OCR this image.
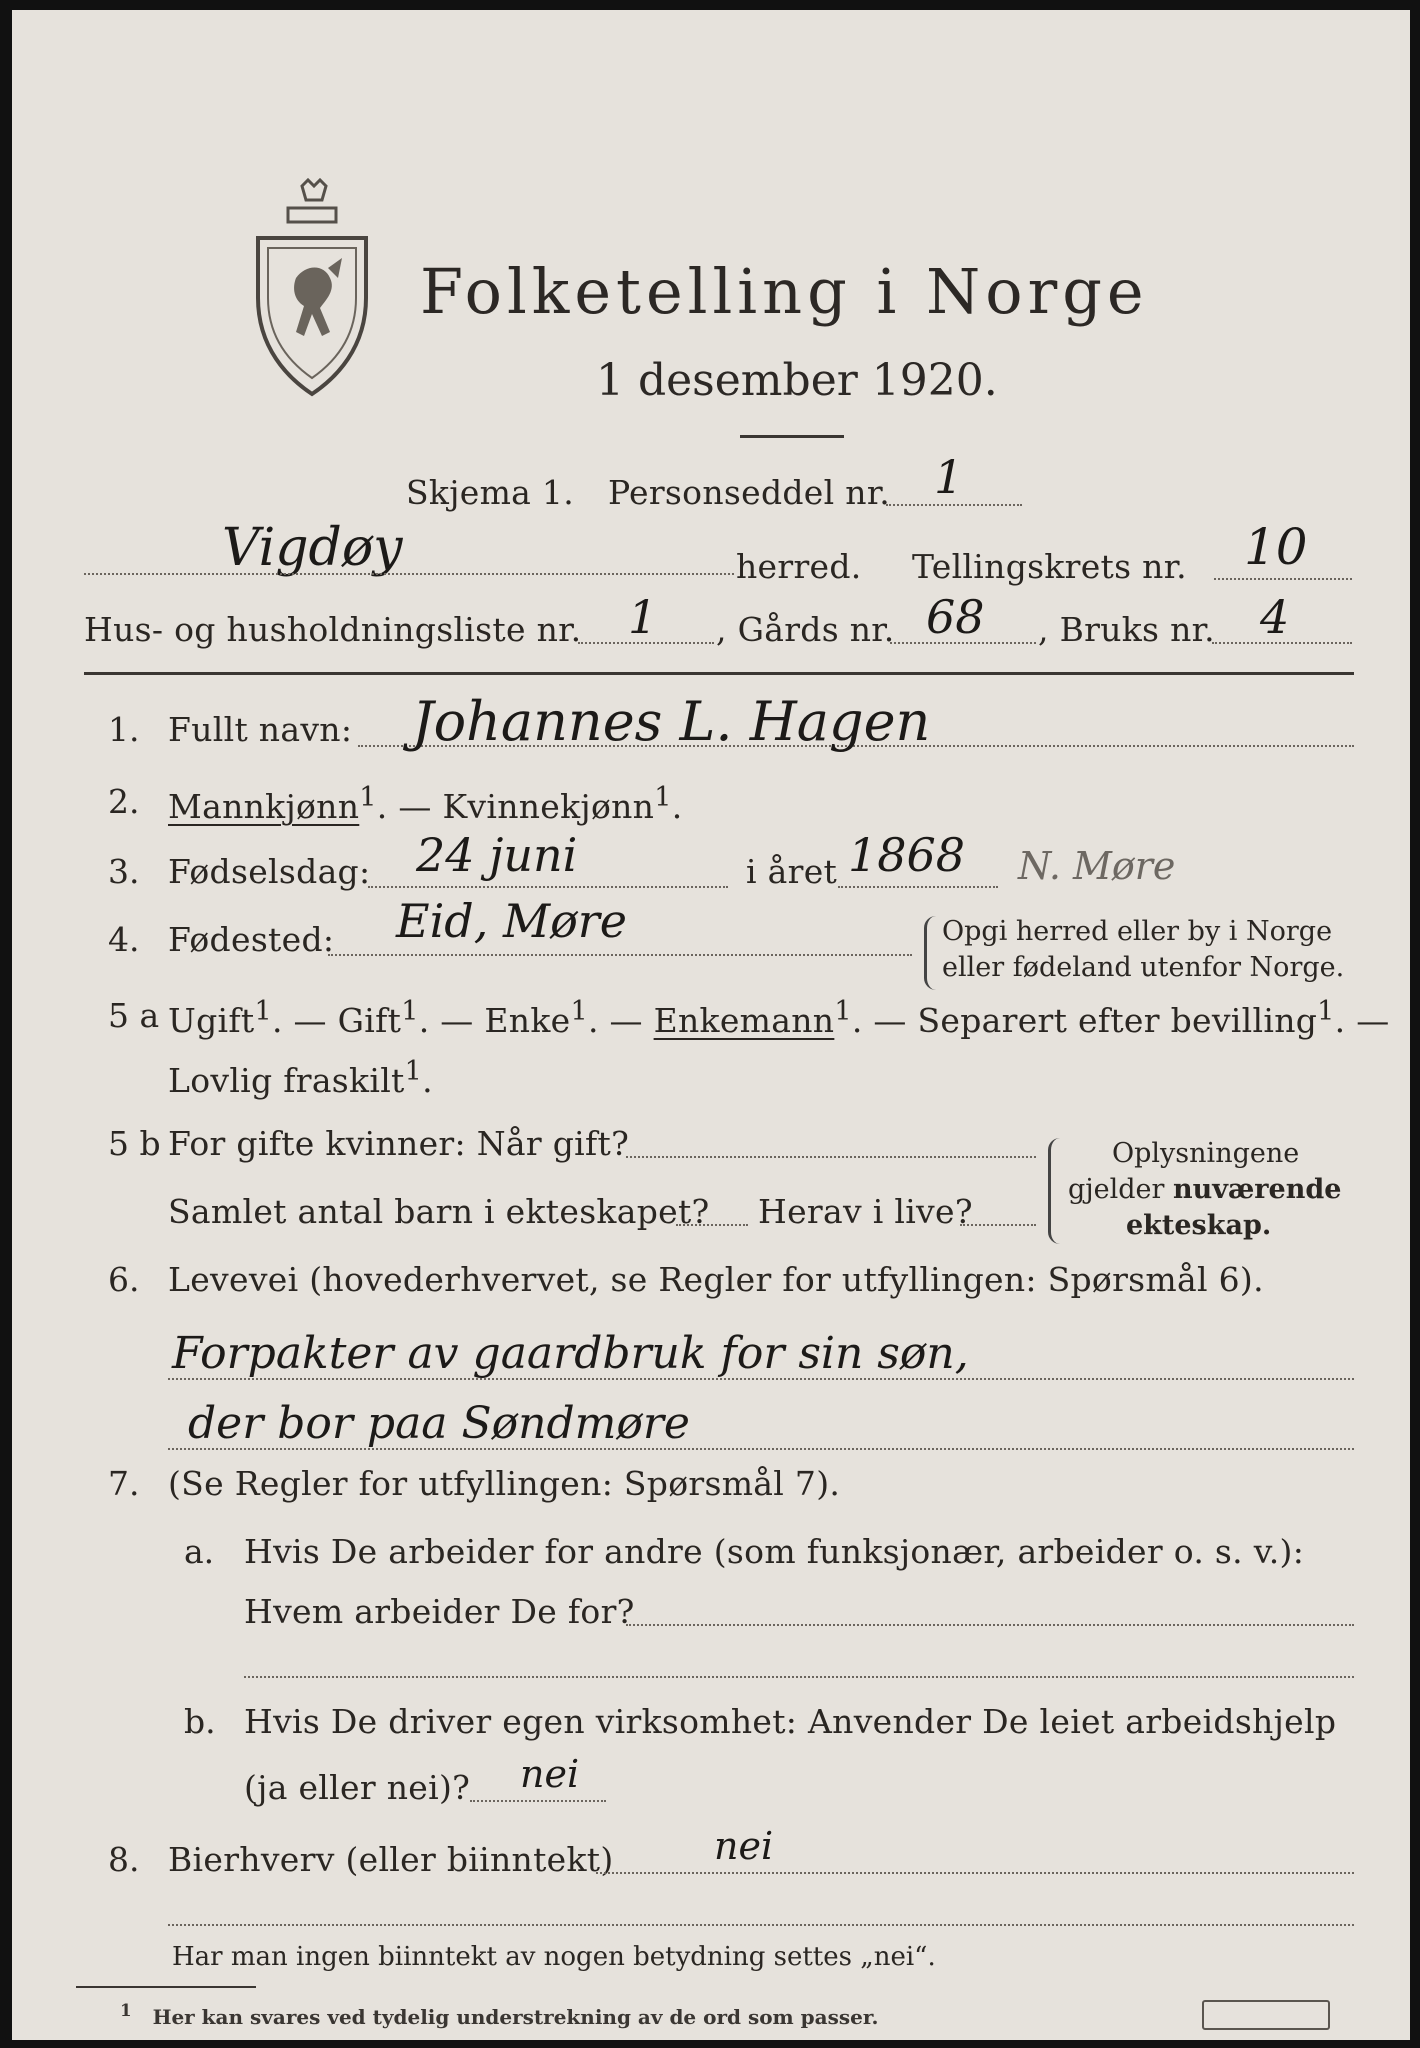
Folketelling i Norge
1 desember 1920.
Skjema 1. Personseddel nr. 1
Vigdøy	herred. Tellingskrets nr. 10
Hus- og husholdningsliste nr. 1 , Gårds nr. 68 , Bruks nr. 4
1. Fullt navn: Johannes L. Hagen
2. Mannkjønn$^1$. — Kvinnekjønn$^1$.
3. Fødselsdag: 24 juni	i året 1868 N. Møre
4. Fødested: Eid, Møre	Opgi herred eller by i Norge
eller fødeland utenfor Norge.
5 a Ugift$^1$. — Gift$^1$. — Enke$^1$. — Enkemann$^1$. — Separert efter bevilling$^1$. —
Lovlig fraskilt$^1$.
5 b For gifte kvinner: Når gift?
Samlet antal barn i ekteskapet? Herav i live?
Oplysningene
gjelder nuværende
ekteskap.
6. Levevei (hovederhvervet, se Regler for utfyllingen: Spørsmål 6).
Forpakter av gaardbruk for sin søn,
der bor paa Søndmøre
7. (Se Regler for utfyllingen: Spørsmål 7).
a. Hvis De arbeider for andre (som funksjonær, arbeider o. s. v.):
Hvem arbeider De for?
b. Hvis De driver egen virksomhet: Anvender De leiet arbeidshjelp
(ja eller nei)? nei
8. Bierhverv (eller biinntekt)	nei
Har man ingen biinntekt av nogen betydning settes „nei“.
$^1$ Her kan svares ved tydelig understrekning av de ord som passer.
